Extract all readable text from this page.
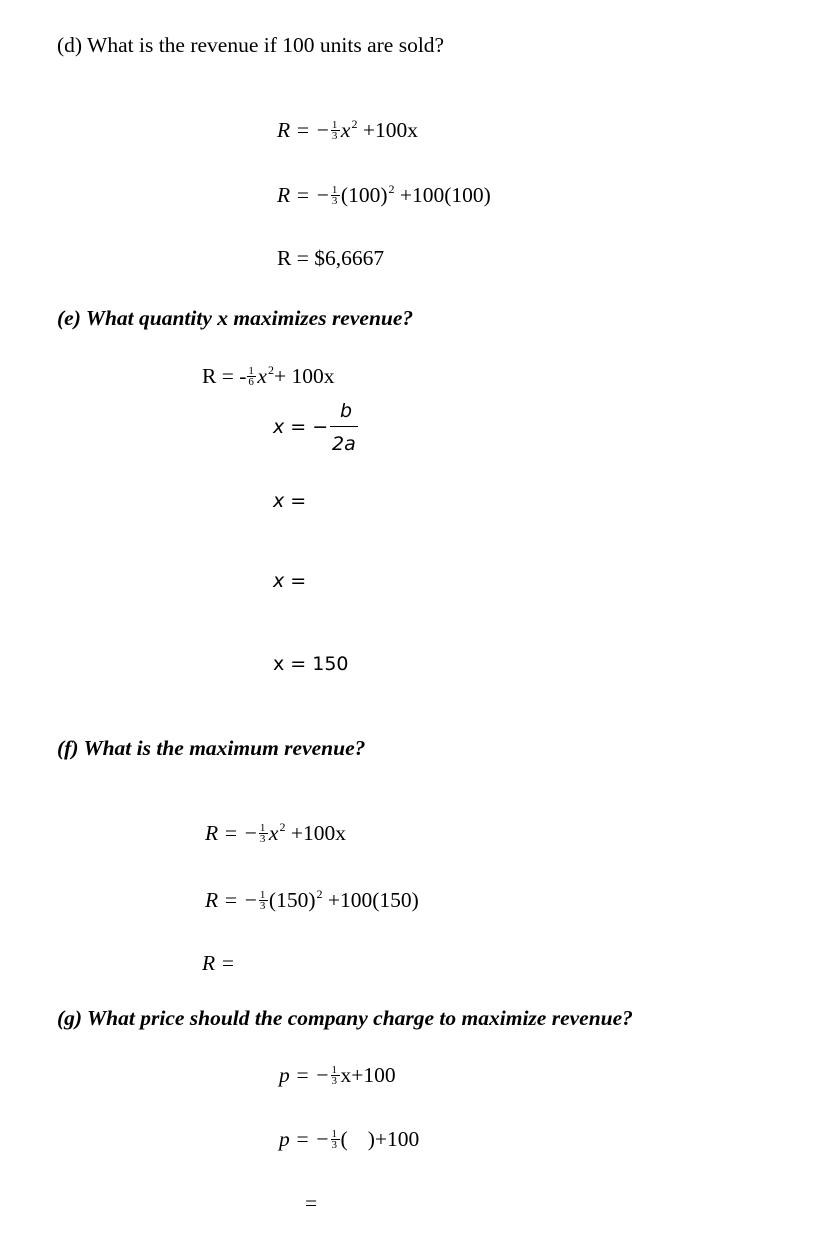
(d) What is the revenue if 100 units are sold?
R = − $\frac{1}{3} x^2 +100x$
R = − $\frac{1}{3} (100)^2 +100(100)$
R = $6,6667
(e) What quantity x maximizes revenue?
R = - $\frac{1}{6} x^2+ 100x$
x = −
b
2a
x =
x =
x = 150
(f) What is the maximum revenue?
R = − $\frac{1}{3} x^2 +100x$
R = − $\frac{1}{3} (150)^2 +100(150)$
R =
(g) What price should the company charge to maximize revenue?
p = − $\frac{1}{3} x+100$
p = − $\frac{1}{3}$ ( )+100
=
